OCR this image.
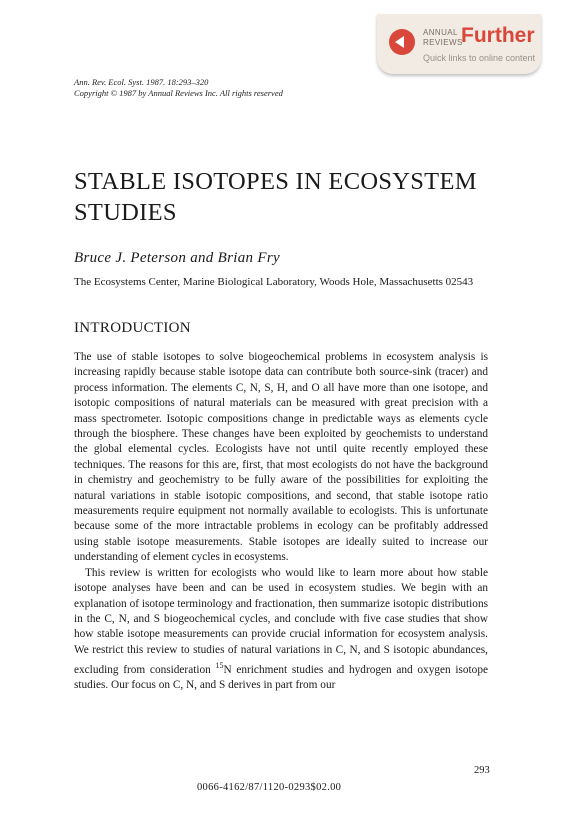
ANNUAL
REVIEWS
Further
Quick links to online content
Ann. Rev. Ecol. Syst. 1987. 18:293–320
Copyright © 1987 by Annual Reviews Inc. All rights reserved
STABLE ISOTOPES IN ECOSYSTEM STUDIES
Bruce J. Peterson and Brian Fry
The Ecosystems Center, Marine Biological Laboratory, Woods Hole, Massachusetts 02543
INTRODUCTION

The use of stable isotopes to solve biogeochemical problems in ecosystem analysis is increasing rapidly because stable isotope data can contribute both source-sink (tracer) and process information. The elements C, N, S, H, and O all have more than one isotope, and isotopic compositions of natural materials can be measured with great precision with a mass spectrometer. Isotopic compositions change in predictable ways as elements cycle through the biosphere. These changes have been exploited by geochemists to understand the global elemental cycles. Ecologists have not until quite recently employed these techniques. The reasons for this are, first, that most ecologists do not have the background in chemistry and geochemistry to be fully aware of the possibilities for exploiting the natural variations in stable isotopic compositions, and second, that stable isotope ratio measurements require equipment not normally available to ecologists. This is unfortunate because some of the more intractable problems in ecology can be profitably addressed using stable isotope measurements. Stable isotopes are ideally suited to increase our understanding of element cycles in ecosystems.

This review is written for ecologists who would like to learn more about how stable isotope analyses have been and can be used in ecosystem studies. We begin with an explanation of isotope terminology and fractionation, then summarize isotopic distributions in the C, N, and S biogeochemical cycles, and conclude with five case studies that show how stable isotope measurements can provide crucial information for ecosystem analysis. We restrict this review to studies of natural variations in C, N, and S isotopic abundances, excluding from consideration $^{15}$N enrichment studies and hydrogen and oxygen isotope studies. Our focus on C, N, and S derives in part from our

293
0066-4162/87/1120-0293$02.00
